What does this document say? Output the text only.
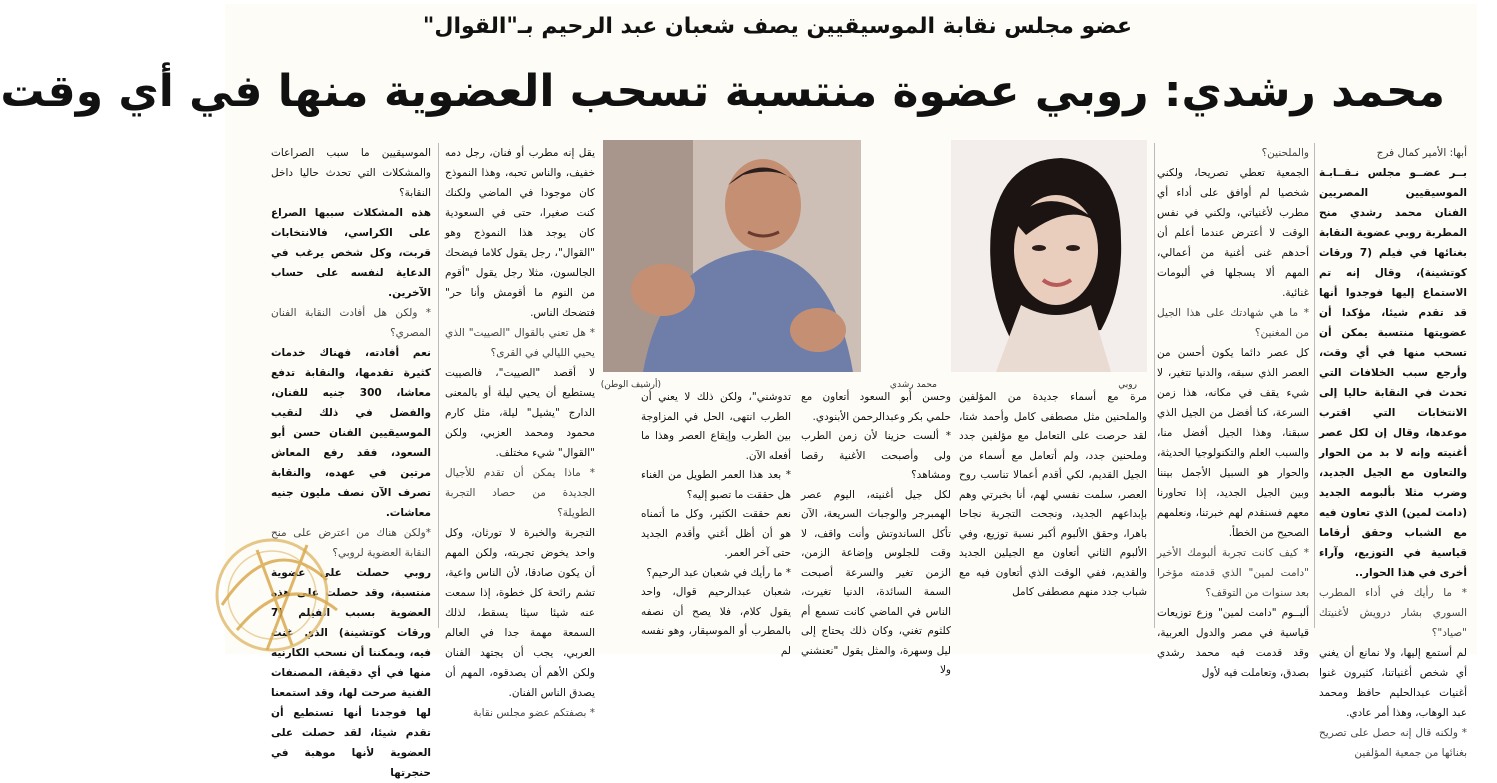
عضو مجلس نقابة الموسيقيين يصف شعبان عبد الرحيم بـ"القوال"
محمد رشدي: روبي عضوة منتسبة تسحب العضوية منها في أي وقت

أبها: الأمير كمال فرج

بــر عضــو مجلس نـقــابـة الموسيقيين المصريين الفنان محمد رشدي منح المطربة روبي عضوية النقابة بغنائها في فيلم (7 ورقات كوتشينة)، وقال إنه تم الاستماع إليها فوجدوا أنها قد تقدم شيئا، مؤكدا أن عضويتها منتسبة يمكن أن تسحب منها في أي وقت، وأرجع سبب الخلافات التي تحدث في النقابة حاليا إلى الانتخابات التي اقترب موعدها، وقال إن لكل عصر أغنيته وإنه لا بد من الحوار والتعاون مع الجيل الجديد، وضرب مثلا بألبومه الجديد (دامت لمين) الذي تعاون فيه مع الشباب وحقق أرقاما قياسية في التوزيع، وآراء أخرى في هذا الحوار..

* ما رأيك في أداء المطرب السوري بشار درويش لأغنيتك "صياد"؟

لم أستمع إليها، ولا نمانع أن يغني أي شخص أغنياتنا، كثيرون غنوا أغنيات عبدالحليم حافظ ومحمد عبد الوهاب، وهذا أمر عادي.

* ولكنه قال إنه حصل على تصريح بغنائها من جمعية المؤلفين

والملحنين؟

الجمعية تعطي تصريحا، ولكني شخصيا لم أوافق على أداء أي مطرب لأغنياتي، ولكني في نفس الوقت لا أعترض عندما أعلم أن أحدهم غنى أغنية من أعمالي، المهم ألا يسجلها في ألبومات غنائية.

* ما هي شهادتك على هذا الجيل من المغنين؟

كل عصر دائما يكون أحسن من العصر الذي سبقه، والدنيا تتغير، لا شيء يقف في مكانه، هذا زمن السرعة، كنا أفضل من الجيل الذي سبقنا، وهذا الجيل أفضل منا، والسبب العلم والتكنولوجيا الحديثة، والحوار هو السبيل الأجمل بيننا وبين الجيل الجديد، إذا تحاورنا معهم فسنقدم لهم خبرتنا، ونعلمهم الصحيح من الخطأ.

* كيف كانت تجربة ألبومك الأخير "دامت لمين" الذي قدمته مؤخرا بعد سنوات من التوقف؟

ألبــوم "دامت لمين" وزع توزيعات قياسية في مصر والدول العربية، وقد قدمت فيه محمد رشدي بصدق، وتعاملت فيه لأول

روبي
محمد رشدي
(أرشيف الوطن)

مرة مع أسماء جديدة من المؤلفين والملحنين مثل مصطفى كامل وأحمد شتا، لقد حرصت على التعامل مع مؤلفين جدد وملحنين جدد، ولم أتعامل مع أسماء من الجيل القديم، لكي أقدم أعمالا تناسب روح العصر، سلمت نفسي لهم، أنا بخبرتي وهم بإبداعهم الجديد، ونجحت التجربة نجاحا باهرا، وحقق الألبوم أكبر نسبة توزيع، وفي الألبوم الثاني أتعاون مع الجيلين الجديد والقديم، ففي الوقت الذي أتعاون فيه مع شباب جدد منهم مصطفى كامل

وحسن أبو السعود أتعاون مع حلمي بكر وعبدالرحمن الأبنودي.

* ألست حزينا لأن زمن الطرب ولى وأصبحت الأغنية رقصا ومشاهد؟

لكل جيل أغنيته، اليوم عصر الهمبرجر والوجبات السريعة، الآن تأكل الساندوتش وأنت واقف، لا وقت للجلوس وإضاعة الزمن، الزمن تغير والسرعة أصبحت السمة السائدة، الدنيا تغيرت، الناس في الماضي كانت تسمع أم كلثوم تغني، وكان ذلك يحتاج إلى ليل وسهرة، والمثل يقول "نعنشني ولا

تدوشني"، ولكن ذلك لا يعني أن الطرب انتهى، الحل في المزاوجة بين الطرب وإيقاع العصر وهذا ما أفعله الآن.

* بعد هذا العمر الطويل من الغناء هل حققت ما تصبو إليه؟

نعم حققت الكثير، وكل ما أتمناه هو أن أظل أغني وأقدم الجديد حتى آخر العمر.

* ما رأيك في شعبان عبد الرحيم؟

شعبان عبدالرحيم قوال، واحد يقول كلام، فلا يصح أن نصفه بالمطرب أو الموسيقار، وهو نفسه لم

يقل إنه مطرب أو فنان، رجل دمه خفيف، والناس تحبه، وهذا النموذج كان موجودا في الماضي ولكنك كنت صغيرا، حتى في السعودية كان يوجد هذا النموذج وهو "القوال"، رجل يقول كلاما فيضحك الجالسون، مثلا رجل يقول "أقوم من النوم ما أقومش وأنا حر" فتضحك الناس.

* هل تعني بالقوال "الصييت" الذي يحيي الليالي في القرى؟

لا أقصد "الصييت"، فالصييت يستطيع أن يحيي ليلة أو بالمعنى الدارج "يشيل" ليلة، مثل كارم محمود ومحمد العزبي، ولكن "القوال" شيء مختلف.

* ماذا يمكن أن تقدم للأجيال الجديدة من حصاد التجربة الطويلة؟

التجربة والخبرة لا تورثان، وكل واحد يخوض تجربته، ولكن المهم أن يكون صادقا، لأن الناس واعية، تشم رائحة كل خطوة، إذا سمعت عنه شيئا سيئا يسقط، لذلك السمعة مهمة جدا في العالم العربي، يجب أن يجتهد الفنان ولكن الأهم أن يصدقوه، المهم أن يصدق الناس الفنان.

* بصفتكم عضو مجلس نقابة

الموسيقيين ما سبب الصراعات والمشكلات التي تحدث حاليا داخل النقابة؟

هذه المشكلات سببها الصراع على الكراسي، فالانتخابات قربت، وكل شخص يرغب في الدعاية لنفسه على حساب الآخرين.

* ولكن هل أفادت النقابة الفنان المصري؟

نعم أفادته، فهناك خدمات كثيرة تقدمها، والنقابة تدفع معاشا، 300 جنيه للفنان، والفضل في ذلك لنقيب الموسيقيين الفنان حسن أبو السعود، فقد رفع المعاش مرتين في عهده، والنقابة تصرف الآن نصف مليون جنيه معاشات.

*ولكن هناك من اعترض على منح النقابة العضوية لروبي؟

روبي حصلت على عضوية منتسبة، وقد حصلت على هذه العضوية بسبب الفيلم (7 ورقات كوتشينة) الذي غنت فيه، ويمكننا أن نسحب الكارنيه منها في أي دقيقة، المصنفات الفنية صرحت لها، وقد استمعنا لها فوجدنا أنها تستطيع أن تقدم شيئا، لقد حصلت على العضوية لأنها موهبة في حنجرتها
